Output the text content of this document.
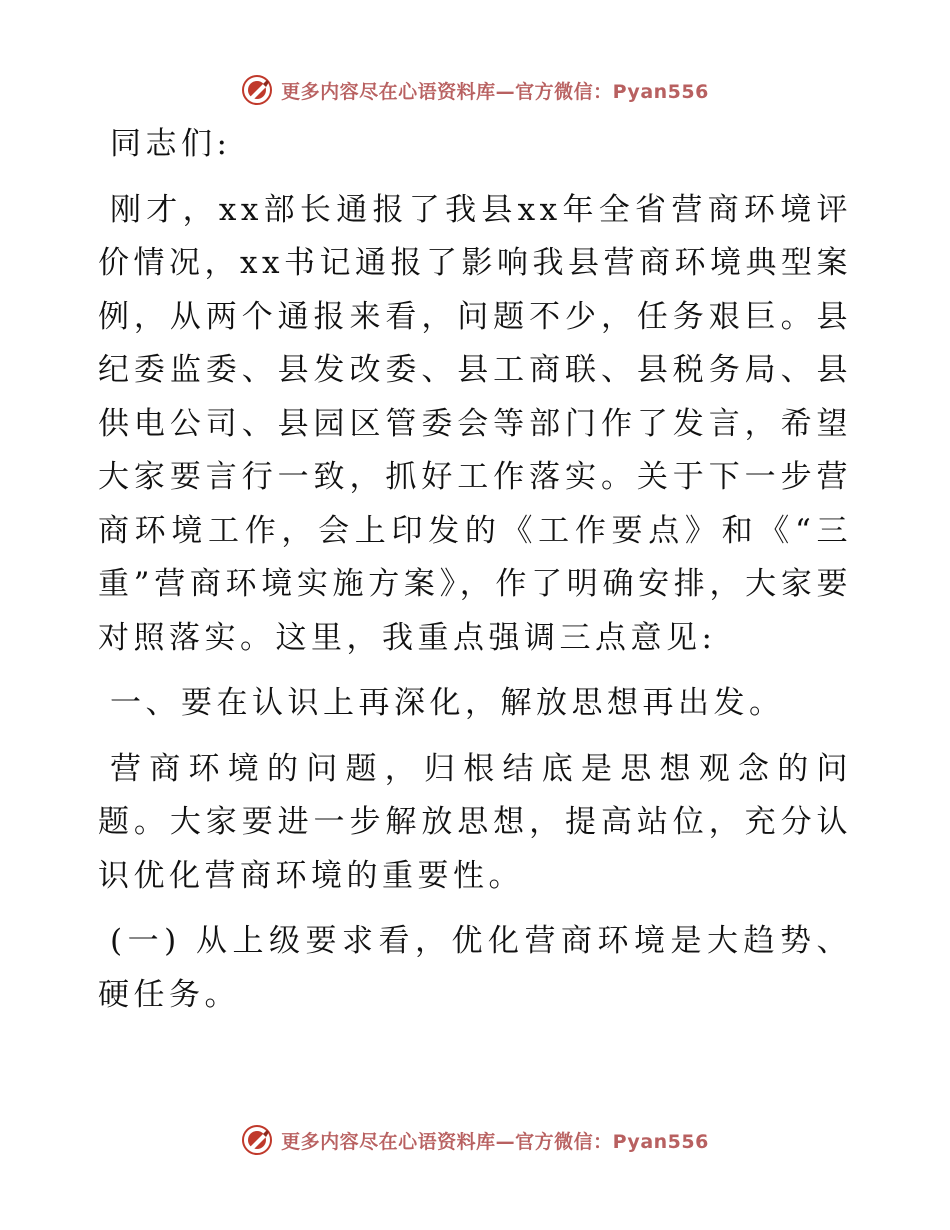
更多内容尽在心语资料库—官方微信：Pyan556

同志们:

刚才，xx部长通报了我县xx年全省营商环境评价情况，xx书记通报了影响我县营商环境典型案例，从两个通报来看，问题不少，任务艰巨。县纪委监委、县发改委、县工商联、县税务局、县供电公司、县园区管委会等部门作了发言，希望大家要言行一致，抓好工作落实。关于下一步营商环境工作，会上印发的《工作要点》和《“三重”营商环境实施方案》，作了明确安排，大家要对照落实。这里，我重点强调三点意见:

一、要在认识上再深化，解放思想再出发。

营商环境的问题，归根结底是思想观念的问题。大家要进一步解放思想，提高站位，充分认识优化营商环境的重要性。

(一) 从上级要求看，优化营商环境是大趋势、硬任务。

更多内容尽在心语资料库—官方微信：Pyan556
